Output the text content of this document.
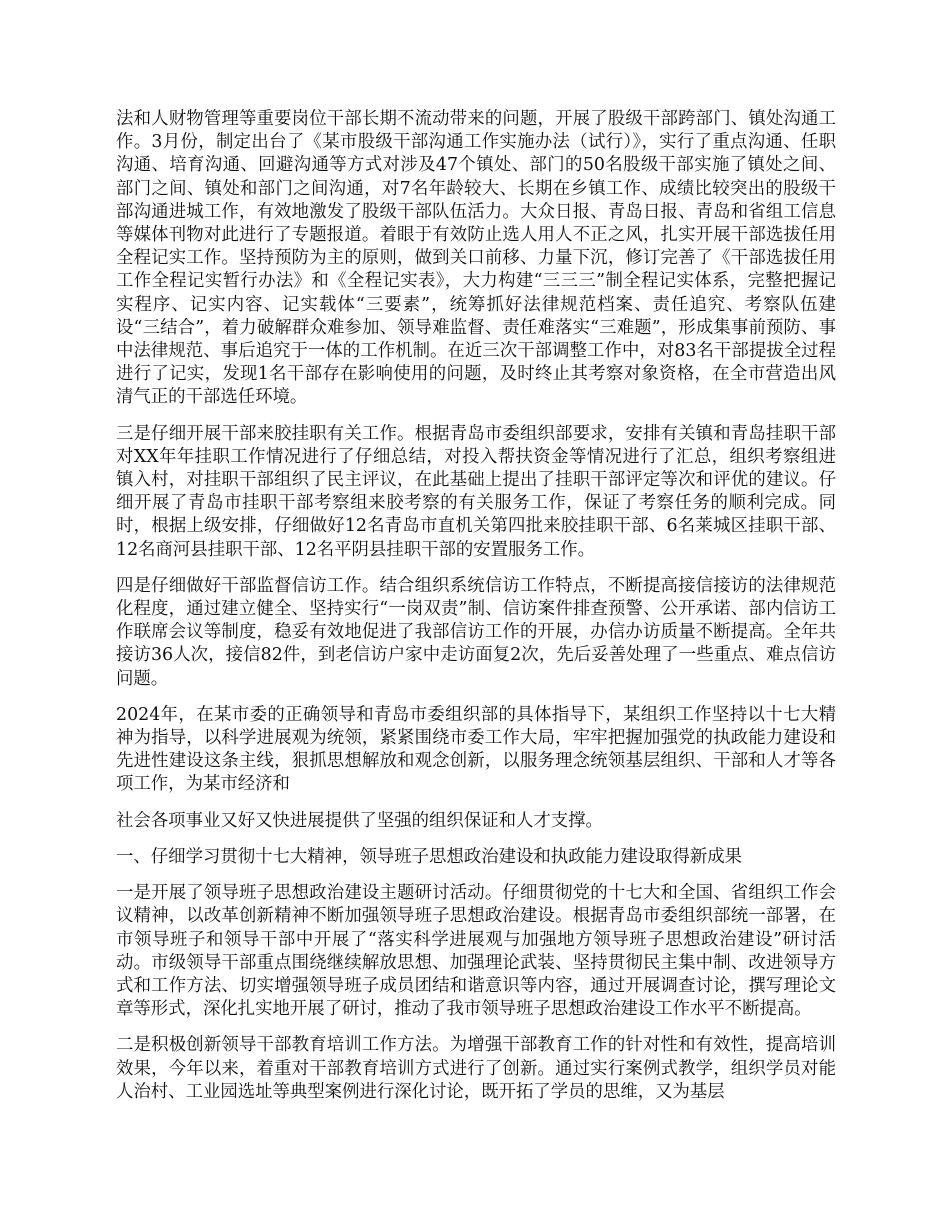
法和人财物管理等重要岗位干部长期不流动带来的问题，开展了股级干部跨部门、镇处沟通工作。3月份，制定出台了《某市股级干部沟通工作实施办法（试行）》，实行了重点沟通、任职沟通、培育沟通、回避沟通等方式对涉及47个镇处、部门的50名股级干部实施了镇处之间、部门之间、镇处和部门之间沟通，对7名年龄较大、长期在乡镇工作、成绩比较突出的股级干部沟通进城工作，有效地激发了股级干部队伍活力。大众日报、青岛日报、青岛和省组工信息等媒体刊物对此进行了专题报道。着眼于有效防止选人用人不正之风，扎实开展干部选拔任用全程记实工作。坚持预防为主的原则，做到关口前移、力量下沉，修订完善了《干部选拔任用工作全程记实暂行办法》和《全程记实表》，大力构建“三三三”制全程记实体系，完整把握记实程序、记实内容、记实载体“三要素”，统筹抓好法律规范档案、责任追究、考察队伍建设“三结合”，着力破解群众难参加、领导难监督、责任难落实“三难题”，形成集事前预防、事中法律规范、事后追究于一体的工作机制。在近三次干部调整工作中，对83名干部提拔全过程进行了记实，发现1名干部存在影响使用的问题，及时终止其考察对象资格，在全市营造出风清气正的干部选任环境。

三是仔细开展干部来胶挂职有关工作。根据青岛市委组织部要求，安排有关镇和青岛挂职干部对XX年年挂职工作情况进行了仔细总结，对投入帮扶资金等情况进行了汇总，组织考察组进镇入村，对挂职干部组织了民主评议，在此基础上提出了挂职干部评定等次和评优的建议。仔细开展了青岛市挂职干部考察组来胶考察的有关服务工作，保证了考察任务的顺利完成。同时，根据上级安排，仔细做好12名青岛市直机关第四批来胶挂职干部、6名莱城区挂职干部、12名商河县挂职干部、12名平阴县挂职干部的安置服务工作。

四是仔细做好干部监督信访工作。结合组织系统信访工作特点，不断提高接信接访的法律规范化程度，通过建立健全、坚持实行“一岗双责”制、信访案件排查预警、公开承诺、部内信访工作联席会议等制度，稳妥有效地促进了我部信访工作的开展，办信办访质量不断提高。全年共接访36人次，接信82件，到老信访户家中走访面复2次，先后妥善处理了一些重点、难点信访问题。

2024年，在某市委的正确领导和青岛市委组织部的具体指导下，某组织工作坚持以十七大精神为指导，以科学进展观为统领，紧紧围绕市委工作大局，牢牢把握加强党的执政能力建设和先进性建设这条主线，狠抓思想解放和观念创新，以服务理念统领基层组织、干部和人才等各项工作，为某市经济和

社会各项事业又好又快进展提供了坚强的组织保证和人才支撑。

一、仔细学习贯彻十七大精神，领导班子思想政治建设和执政能力建设取得新成果

一是开展了领导班子思想政治建设主题研讨活动。仔细贯彻党的十七大和全国、省组织工作会议精神，以改革创新精神不断加强领导班子思想政治建设。根据青岛市委组织部统一部署，在市领导班子和领导干部中开展了“落实科学进展观与加强地方领导班子思想政治建设”研讨活动。市级领导干部重点围绕继续解放思想、加强理论武装、坚持贯彻民主集中制、改进领导方式和工作方法、切实增强领导班子成员团结和谐意识等内容，通过开展调查讨论，撰写理论文章等形式，深化扎实地开展了研讨，推动了我市领导班子思想政治建设工作水平不断提高。

二是积极创新领导干部教育培训工作方法。为增强干部教育工作的针对性和有效性，提高培训效果，今年以来，着重对干部教育培训方式进行了创新。通过实行案例式教学，组织学员对能人治村、工业园选址等典型案例进行深化讨论，既开拓了学员的思维，又为基层
